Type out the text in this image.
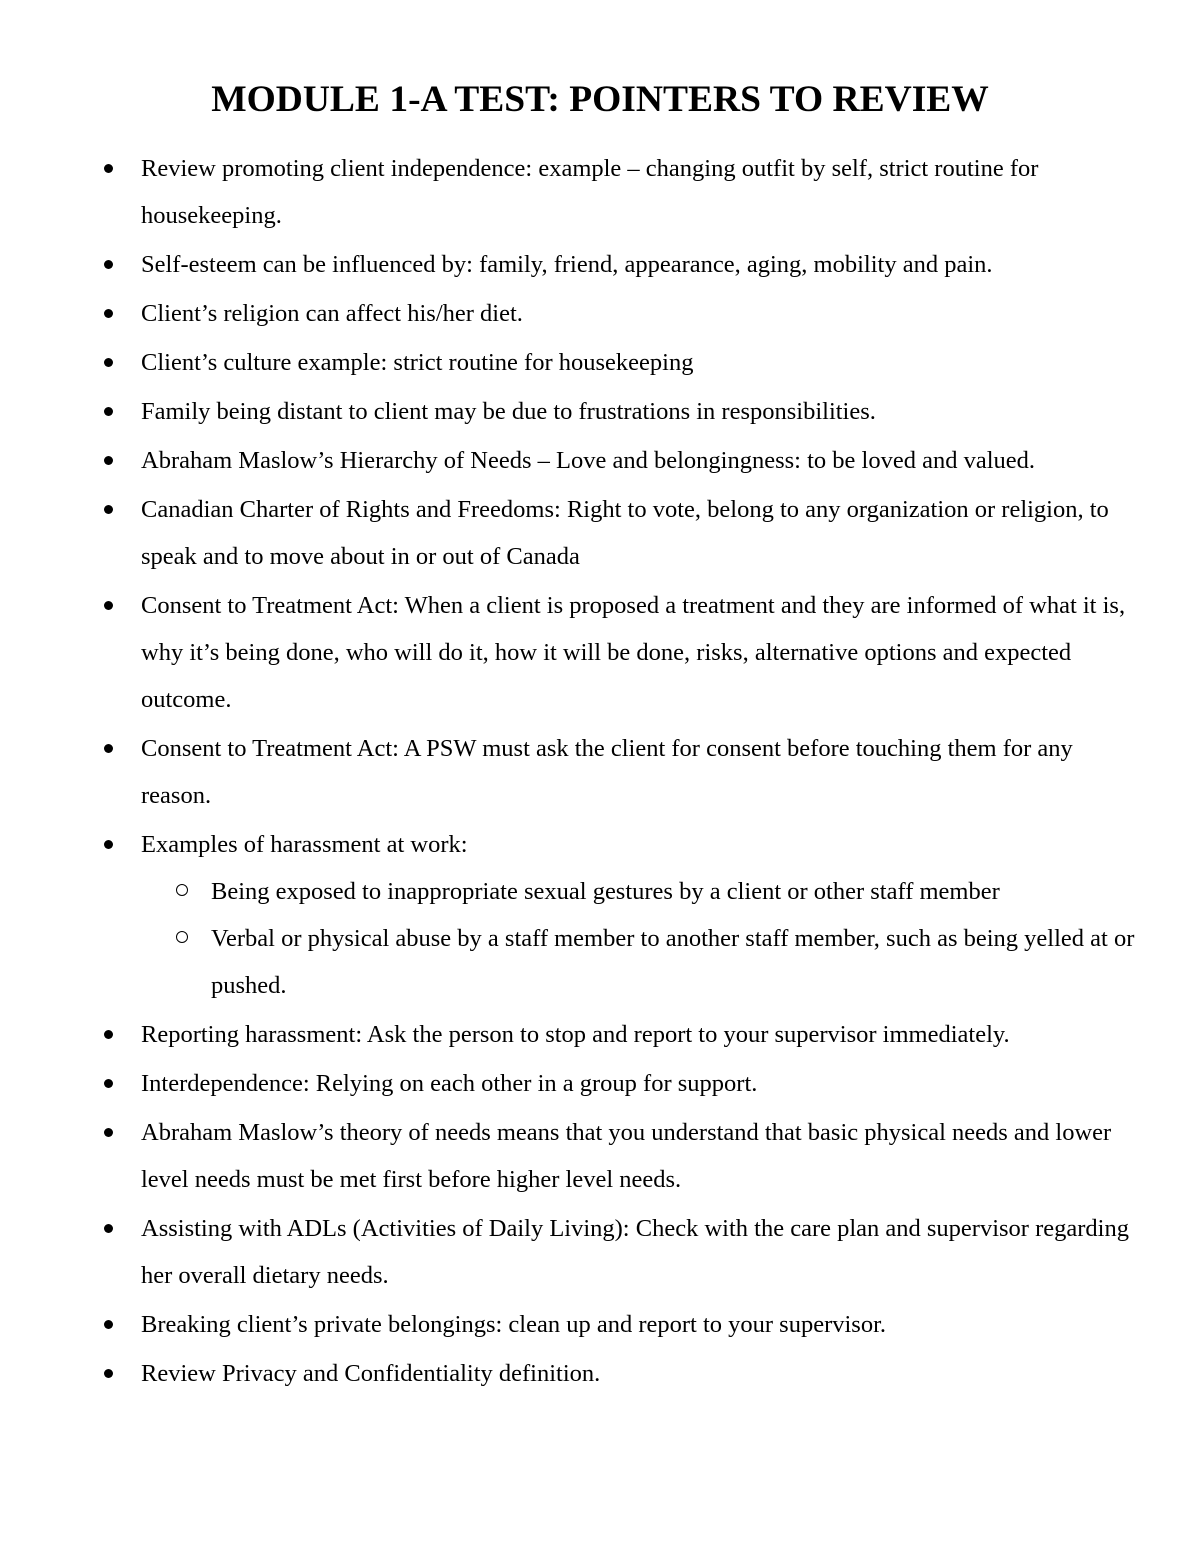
MODULE 1-A TEST: POINTERS TO REVIEW
Review promoting client independence: example – changing outfit by self, strict routine for housekeeping.
Self-esteem can be influenced by: family, friend, appearance, aging, mobility and pain.
Client’s religion can affect his/her diet.
Client’s culture example: strict routine for housekeeping
Family being distant to client may be due to frustrations in responsibilities.
Abraham Maslow’s Hierarchy of Needs – Love and belongingness: to be loved and valued.
Canadian Charter of Rights and Freedoms: Right to vote, belong to any organization or religion, to speak and to move about in or out of Canada
Consent to Treatment Act: When a client is proposed a treatment and they are informed of what it is, why it’s being done, who will do it, how it will be done, risks, alternative options and expected outcome.
Consent to Treatment Act: A PSW must ask the client for consent before touching them for any reason.
Examples of harassment at work:
Being exposed to inappropriate sexual gestures by a client or other staff member
Verbal or physical abuse by a staff member to another staff member, such as being yelled at or pushed.
Reporting harassment: Ask the person to stop and report to your supervisor immediately.
Interdependence: Relying on each other in a group for support.
Abraham Maslow’s theory of needs means that you understand that basic physical needs and lower level needs must be met first before higher level needs.
Assisting with ADLs (Activities of Daily Living): Check with the care plan and supervisor regarding her overall dietary needs.
Breaking client’s private belongings: clean up and report to your supervisor.
Review Privacy and Confidentiality definition.
